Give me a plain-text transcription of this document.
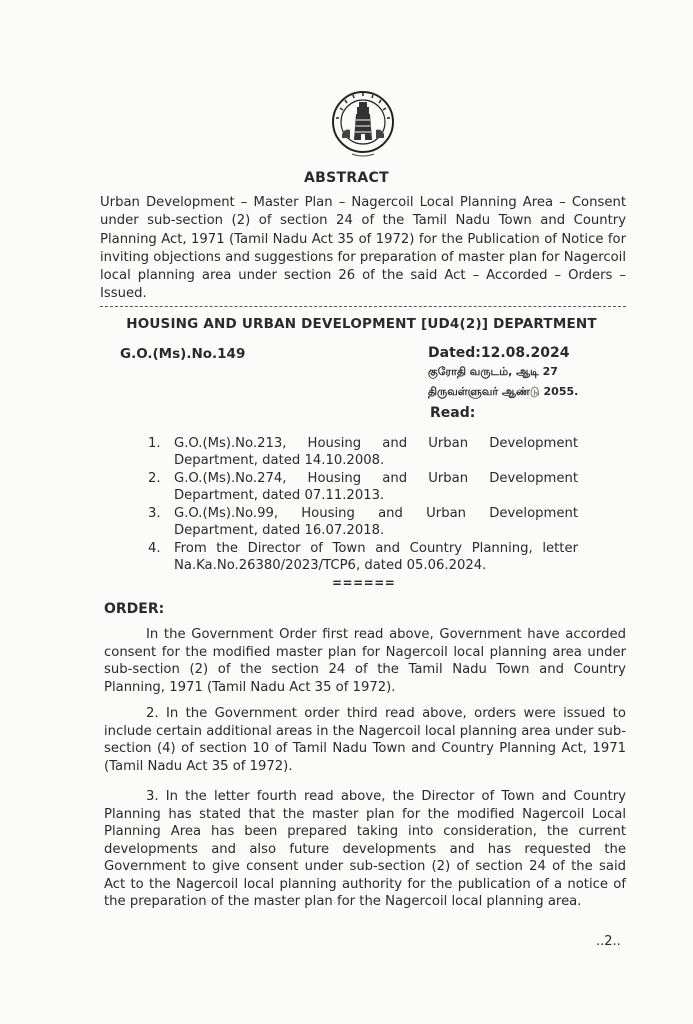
ABSTRACT
Urban Development – Master Plan – Nagercoil Local Planning Area – Consent under sub-section (2) of section 24 of the Tamil Nadu Town and Country Planning Act, 1971 (Tamil Nadu Act 35 of 1972) for the Publication of Notice for inviting objections and suggestions for preparation of master plan for Nagercoil local planning area under section 26 of the said Act – Accorded – Orders – Issued.
HOUSING AND URBAN DEVELOPMENT [UD4(2)] DEPARTMENT
G.O.(Ms).No.149	Dated:12.08.2024
குரோதி வருடம், ஆடி 27
திருவள்ளுவர் ஆண்டு 2055.
Read:
1. G.O.(Ms).No.213, Housing and Urban Development
Department, dated 14.10.2008.
2. G.O.(Ms).No.274, Housing and Urban Development
Department, dated 07.11.2013.
3. G.O.(Ms).No.99, Housing and Urban Development
Department, dated 16.07.2018.
4. From the Director of Town and Country Planning, letter
Na.Ka.No.26380/2023/TCP6, dated 05.06.2024.
======
ORDER:
In the Government Order first read above, Government have accorded consent for the modified master plan for Nagercoil local planning area under sub-section (2) of the section 24 of the Tamil Nadu Town and Country Planning, 1971 (Tamil Nadu Act 35 of 1972).
2. In the Government order third read above, orders were issued to include certain additional areas in the Nagercoil local planning area under sub-section (4) of section 10 of Tamil Nadu Town and Country Planning Act, 1971 (Tamil Nadu Act 35 of 1972).
3. In the letter fourth read above, the Director of Town and Country Planning has stated that the master plan for the modified Nagercoil Local Planning Area has been prepared taking into consideration, the current developments and also future developments and has requested the Government to give consent under sub-section (2) of section 24 of the said Act to the Nagercoil local planning authority for the publication of a notice of the preparation of the master plan for the Nagercoil local planning area.
..2..
